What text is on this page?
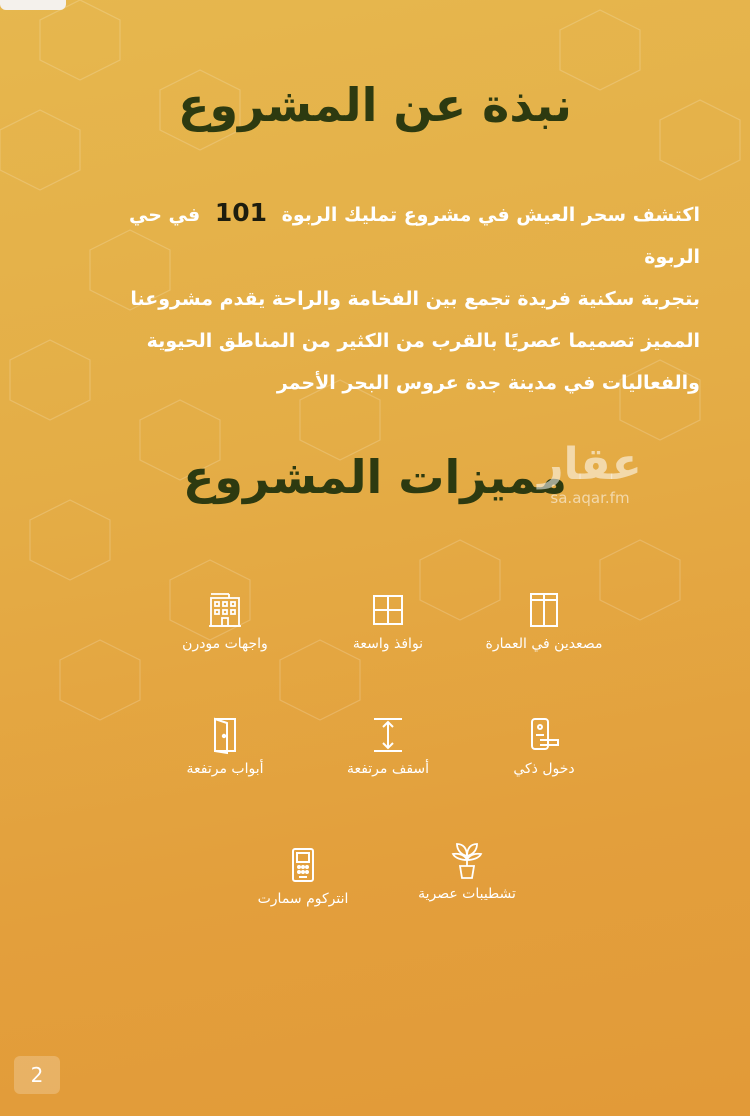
نبذة عن المشروع

اكتشف سحر العيش في مشروع تمليك الربوة 101 في حي الربوة
بتجربة سكنية فريدة تجمع بين الفخامة والراحة يقدم مشروعنا
المميز تصميما عصريًا بالقرب من الكثير من المناطق الحيوية
والفعاليات في مدينة جدة عروس البحر الأحمر

مميزات المشروع
عقار
sa.aqar.fm
مصعدين في العمارة
نوافذ واسعة
واجهات مودرن
دخول ذكي
أسقف مرتفعة
أبواب مرتفعة
تشطيبات عصرية
انتركوم سمارت
2
